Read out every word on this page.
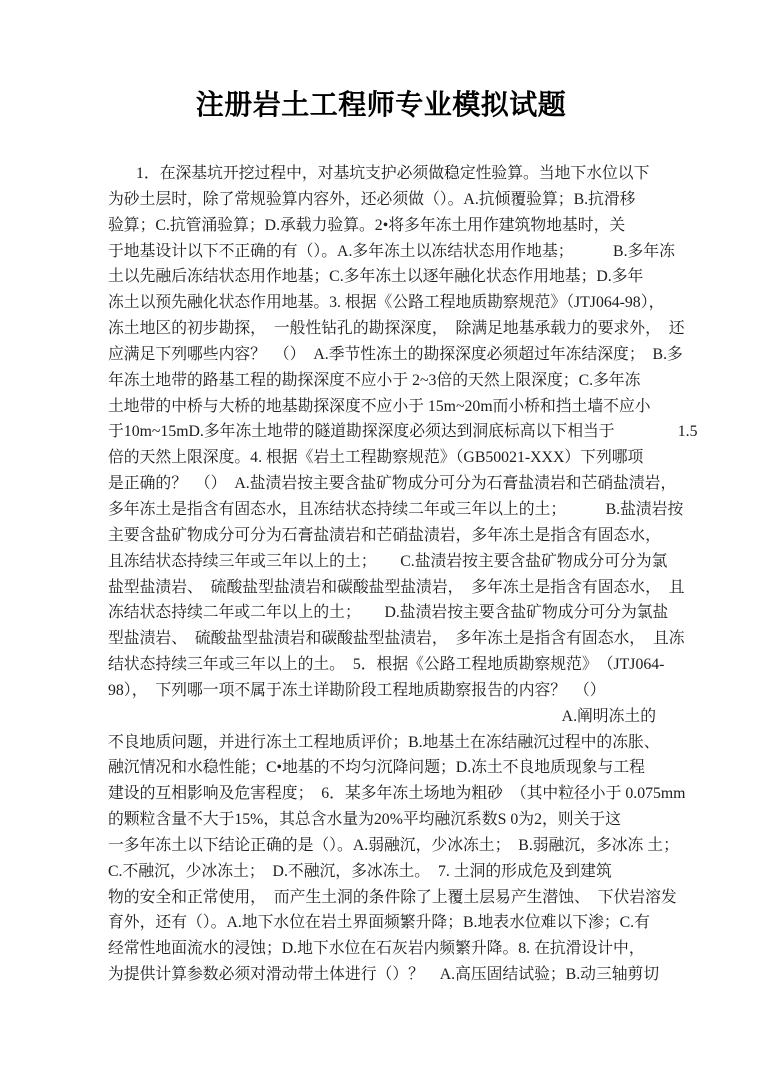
注册岩土工程师专业模拟试题
1．在深基坑开挖过程中，对基坑支护必须做稳定性验算。当地下水位以下
为砂土层时，除了常规验算内容外，还必须做（）。A.抗倾覆验算；B.抗滑移
验算；C.抗管涌验算；D.承载力验算。2•将多年冻土用作建筑物地基时，关
于地基设计以下不正确的有（）。A.多年冻土以冻结状态用作地基；　　　B.多年冻
土以先融后冻结状态用作地基；C.多年冻土以逐年融化状态作用地基；D.多年
冻土以预先融化状态作用地基。3. 根据《公路工程地质勘察规范》（JTJ064-98），
冻土地区的初步勘探，　一般性钻孔的勘探深度，　除满足地基承载力的要求外，　还
应满足下列哪些内容？　（）　A.季节性冻土的勘探深度必须超过年冻结深度；　B.多
年冻土地带的路基工程的勘探深度不应小于 2~3倍的天然上限深度；C.多年冻
土地带的中桥与大桥的地基勘探深度不应小于 15m~20m而小桥和挡土墙不应小
于10m~15mD.多年冻土地带的隧道勘探深度必须达到洞底标高以下相当于　　　　1.5
倍的天然上限深度。4. 根据《岩土工程勘察规范》（GB50021-XXX）下列哪项
是正确的？　（）　A.盐渍岩按主要含盐矿物成分可分为石膏盐渍岩和芒硝盐渍岩，
多年冻土是指含有固态水，且冻结状态持续二年或三年以上的土；　　　B.盐渍岩按
主要含盐矿物成分可分为石膏盐渍岩和芒硝盐渍岩，多年冻土是指含有固态水，
且冻结状态持续三年或三年以上的土；　　C.盐渍岩按主要含盐矿物成分可分为氯
盐型盐渍岩、　硫酸盐型盐渍岩和碳酸盐型盐渍岩，　多年冻土是指含有固态水，　且
冻结状态持续二年或二年以上的土；　　D.盐渍岩按主要含盐矿物成分可分为氯盐
型盐渍岩、　硫酸盐型盐渍岩和碳酸盐型盐渍岩，　多年冻土是指含有固态水，　且冻
结状态持续三年或三年以上的土。　5．根据《公路工程地质勘察规范》　（JTJ064-
98），　下列哪一项不属于冻土详勘阶段工程地质勘察报告的内容？　（）
A.阐明冻土的
不良地质问题，并进行冻土工程地质评价；B.地基土在冻结融沉过程中的冻胀、
融沉情况和水稳性能；C•地基的不均匀沉降问题；D.冻土不良地质现象与工程
建设的互相影响及危害程度；　6．某多年冻土场地为粗砂　（其中粒径小于 0.075mm
的颗粒含量不大于15%，其总含水量为20%平均融沉系数S 0为2，则关于这
一多年冻土以下结论正确的是（）。A.弱融沉，少冰冻土；　B.弱融沉，多冰冻 土；
C.不融沉，少冰冻土；　D.不融沉，多冰冻土。　7. 土洞的形成危及到建筑
物的安全和正常使用，　而产生土洞的条件除了上覆土层易产生潜蚀、　下伏岩溶发
育外，还有（）。A.地下水位在岩土界面频繁升降；B.地表水位难以下渗；C.有
经常性地面流水的浸蚀；D.地下水位在石灰岩内频繁升降。8. 在抗滑设计中，
为提供计算参数必须对滑动带土体进行（）？　A.高压固结试验；B.动三轴剪切
